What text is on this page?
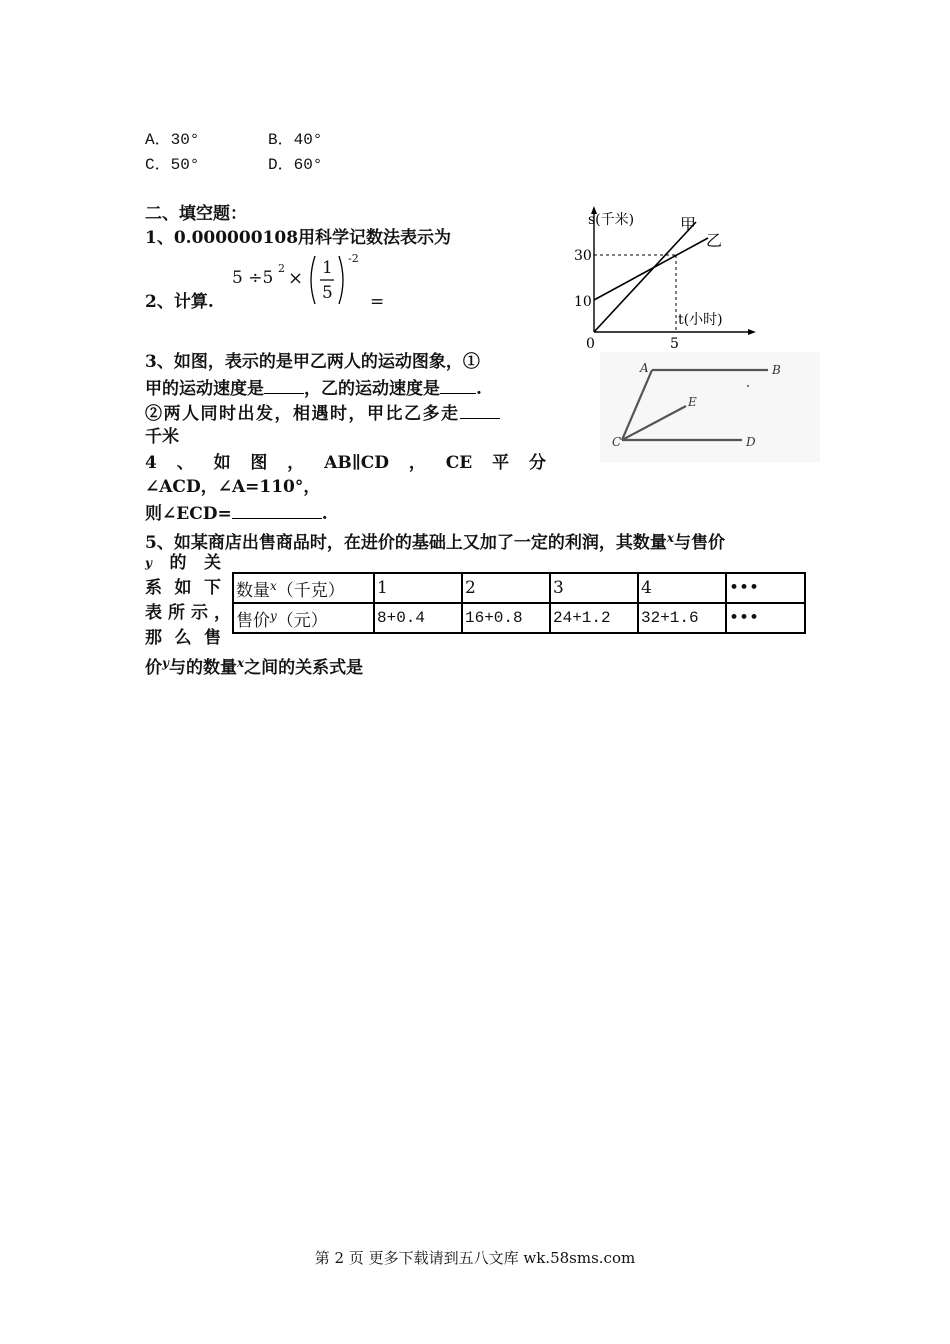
A．30°	B．40°
C．50°	D．60°
二、填空题：
1、0.000000108用科学记数法表示为
5 ÷5 2 × 1
5
-2
2、计算.	=
3、如图，表示的是甲乙两人的运动图象，①
甲的运动速度是 ，乙的运动速度是 .
②两人同时出发，相遇时，甲比乙多走
千米
4 、 如 图 ， AB∥CD ， CE 平 分
∠ACD，∠A=110°，
则∠ECD=	.
5、如某商店出售商品时，在进价的基础上又加了一定的利润，其数量$^x$与售价
y 的 关
系 如 下
表 所 示 ，
那 么 售
价$^y$与的数量$^x$之间的关系式是
数量$^x$（千克）	1	2	3	4	•••
售价$^y$（元）	8+0.4	16+0.8	24+1.2	32+1.6	•••
s(千米)
t(小时)
30
10
0	5
甲
乙
A	B
C	D
E
第 2 页 更多下载请到五八文库 wk.58sms.com
